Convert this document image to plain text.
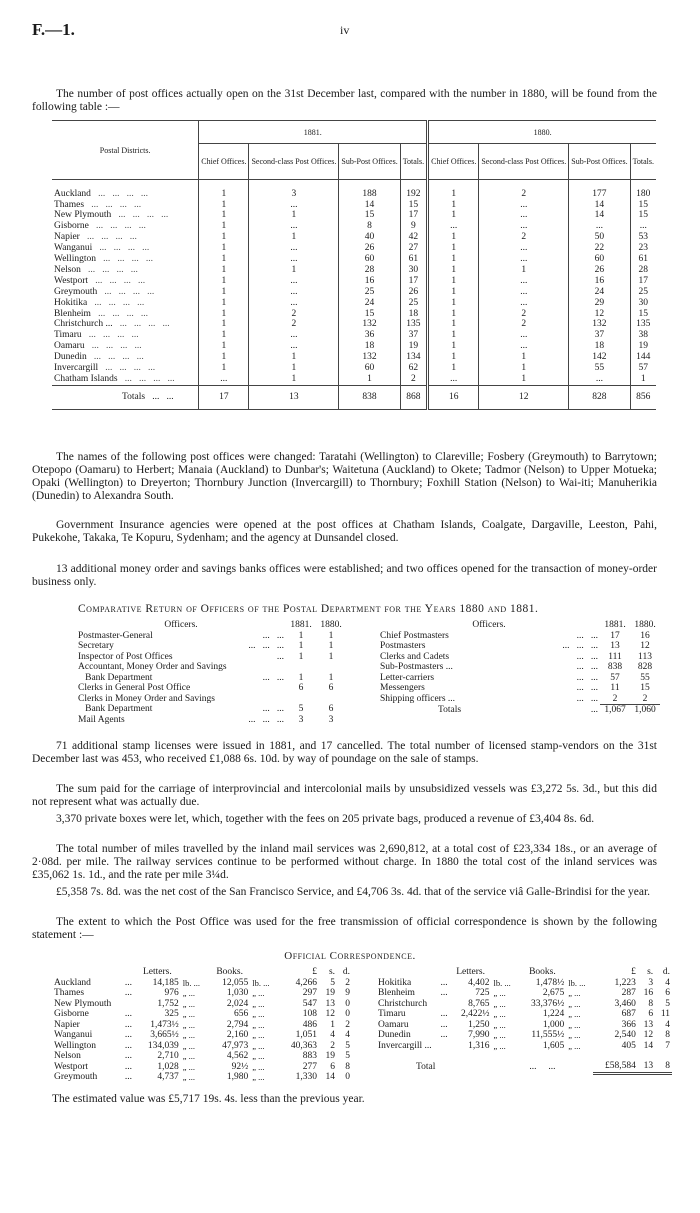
F.—1.	iv

The number of post offices actually open on the 31st December last, compared with the number in 1880, will be found from the following table :—

Postal Districts.	1881.				1880.			
	Chief Offices.	Second-class Post Offices.	Sub-Post Offices.	Totals.	Chief Offices.	Second-class Post Offices.	Sub-Post Offices.	Totals.
Auckland   ...   ...   ...   ...	1	3	188	192	1	2	177	180
Thames   ...   ...   ...   ...	1	...	14	15	1	...	14	15
New Plymouth   ...   ...   ...   ...	1	1	15	17	1	...	14	15
Gisborne   ...   ...   ...   ...	1	...	8	9	...	...	...	...
Napier   ...   ...   ...   ...	1	1	40	42	1	2	50	53
Wanganui   ...   ...   ...   ...	1	...	26	27	1	...	22	23
Wellington   ...   ...   ...   ...	1	...	60	61	1	...	60	61
Nelson   ...   ...   ...   ...	1	1	28	30	1	1	26	28
Westport   ...   ...   ...   ...	1	...	16	17	1	...	16	17
Greymouth   ...   ...   ...   ...	1	...	25	26	1	...	24	25
Hokitika   ...   ...   ...   ...	1	...	24	25	1	...	29	30
Blenheim   ...   ...   ...   ...	1	2	15	18	1	2	12	15
Christchurch ...   ...   ...   ...   ...	1	2	132	135	1	2	132	135
Timaru   ...   ...   ...   ...	1	...	36	37	1	...	37	38
Oamaru   ...   ...   ...   ...	1	...	18	19	1	...	18	19
Dunedin   ...   ...   ...   ...	1	1	132	134	1	1	142	144
Invercargill   ...   ...   ...   ...	1	1	60	62	1	1	55	57
Chatham Islands   ...   ...   ...   ...	...	1	1	2	...	1	...	1
Totals   ...   ...	17	13	838	868	16	12	828	856

The names of the following post offices were changed: Taratahi (Wellington) to Clareville; Fosbery (Greymouth) to Barrytown; Otepopo (Oamaru) to Herbert; Manaia (Auckland) to Dunbar's; Waitetuna (Auckland) to Okete; Tadmor (Nelson) to Upper Motueka; Opaki (Wellington) to Dreyerton; Thornbury Junction (Invercargill) to Thornbury; Foxhill Station (Nelson) to Wai-iti; Manuherikia (Dunedin) to Alexandra South.

Government Insurance agencies were opened at the post offices at Chatham Islands, Coalgate, Dargaville, Leeston, Pahi, Pukekohe, Takaka, Te Kopuru, Sydenham; and the agency at Dunsandel closed.

13 additional money order and savings banks offices were established; and two offices opened for the transaction of money-order business only.

Comparative Return of Officers of the Postal Department for the Years 1880 and 1881.
Officers.	1881.	1880.
Postmaster-General ...   ...	1	1
Secretary ...   ...   ...	1	1
Inspector of Post Offices ...	1	1
Accountant, Money Order and Savings

Bank Department ...   ...	1	1
Clerks in General Post Office	6	6
Clerks in Money Order and Savings

Bank Department ...   ...	5	6
Mail Agents ...   ...   ...	3	3
Officers.	1881.	1880.
Chief Postmasters ...   ...	17	16
Postmasters ...   ...   ...	13	12
Clerks and Cadets ...   ...	111	113
Sub-Postmasters ... ...   ...	838	828
Letter-carriers ...   ...	57	55
Messengers ...   ...	11	15
Shipping officers ... ...   ...	2	2

Totals ...	1,067	1,060

71 additional stamp licenses were issued in 1881, and 17 cancelled. The total number of licensed stamp-vendors on the 31st December last was 453, who received £1,088 6s. 10d. by way of poundage on the sale of stamps.

The sum paid for the carriage of interprovincial and intercolonial mails by unsubsidized vessels was £3,272 5s. 3d., but this did not represent what was actually due.

3,370 private boxes were let, which, together with the fees on 205 private bags, produced a revenue of £3,404 8s. 6d.

The total number of miles travelled by the inland mail services was 2,690,812, at a total cost of £23,334 18s., or an average of 2·08d. per mile. The railway services continue to be performed without charge. In 1880 the total cost of the inland services was £35,062 1s. 1d., and the rate per mile 3¼d.

£5,358 7s. 8d. was the net cost of the San Francisco Service, and £4,706 3s. 4d. that of the service viâ Galle-Brindisi for the year.

The extent to which the Post Office was used for the free transmission of official correspondence is shown by the following statement :—

Official Correspondence.
	Letters.		Books.		£	s.	d.
Auckland ...	14,185	lb. ...	12,055	lb. ...	4,266	5	2
Thames ...	976	„ ...	1,030	„ ...	297	19	9
New Plymouth	1,752	„ ...	2,024	„ ...	547	13	0
Gisborne ...	325	„ ...	656	„ ...	108	12	0
Napier ...	1,473½	„ ...	2,794	„ ...	486	1	2
Wanganui ...	3,665½	„ ...	2,160	„ ...	1,051	4	4
Wellington ...	134,039	„ ...	47,973	„ ...	40,363	2	5
Nelson ...	2,710	„ ...	4,562	„ ...	883	19	5
Westport ...	1,028	„ ...	92½	„ ...	277	6	8
Greymouth ...	4,737	„ ...	1,980	„ ...	1,330	14	0
	Letters.		Books.		£	s.	d.
Hokitika ...	4,402	lb. ...	1,478½	lb. ...	1,223	3	4
Blenheim ...	725	„ ...	2,675	„ ...	287	16	6
Christchurch	8,765	„ ...	33,376½	„ ...	3,460	8	5
Timaru ...	2,422½	„ ...	1,224	„ ...	687	6	11
Oamaru ...	1,250	„ ...	1,000	„ ...	366	13	4
Dunedin ...	7,990	„ ...	11,555½	„ ...	2,540	12	8
Invercargill ...	1,316	„ ...	1,605	„ ...	405	14	7

Total		...     ...			£58,584	13	8

The estimated value was £5,717 19s. 4s. less than the previous year.
